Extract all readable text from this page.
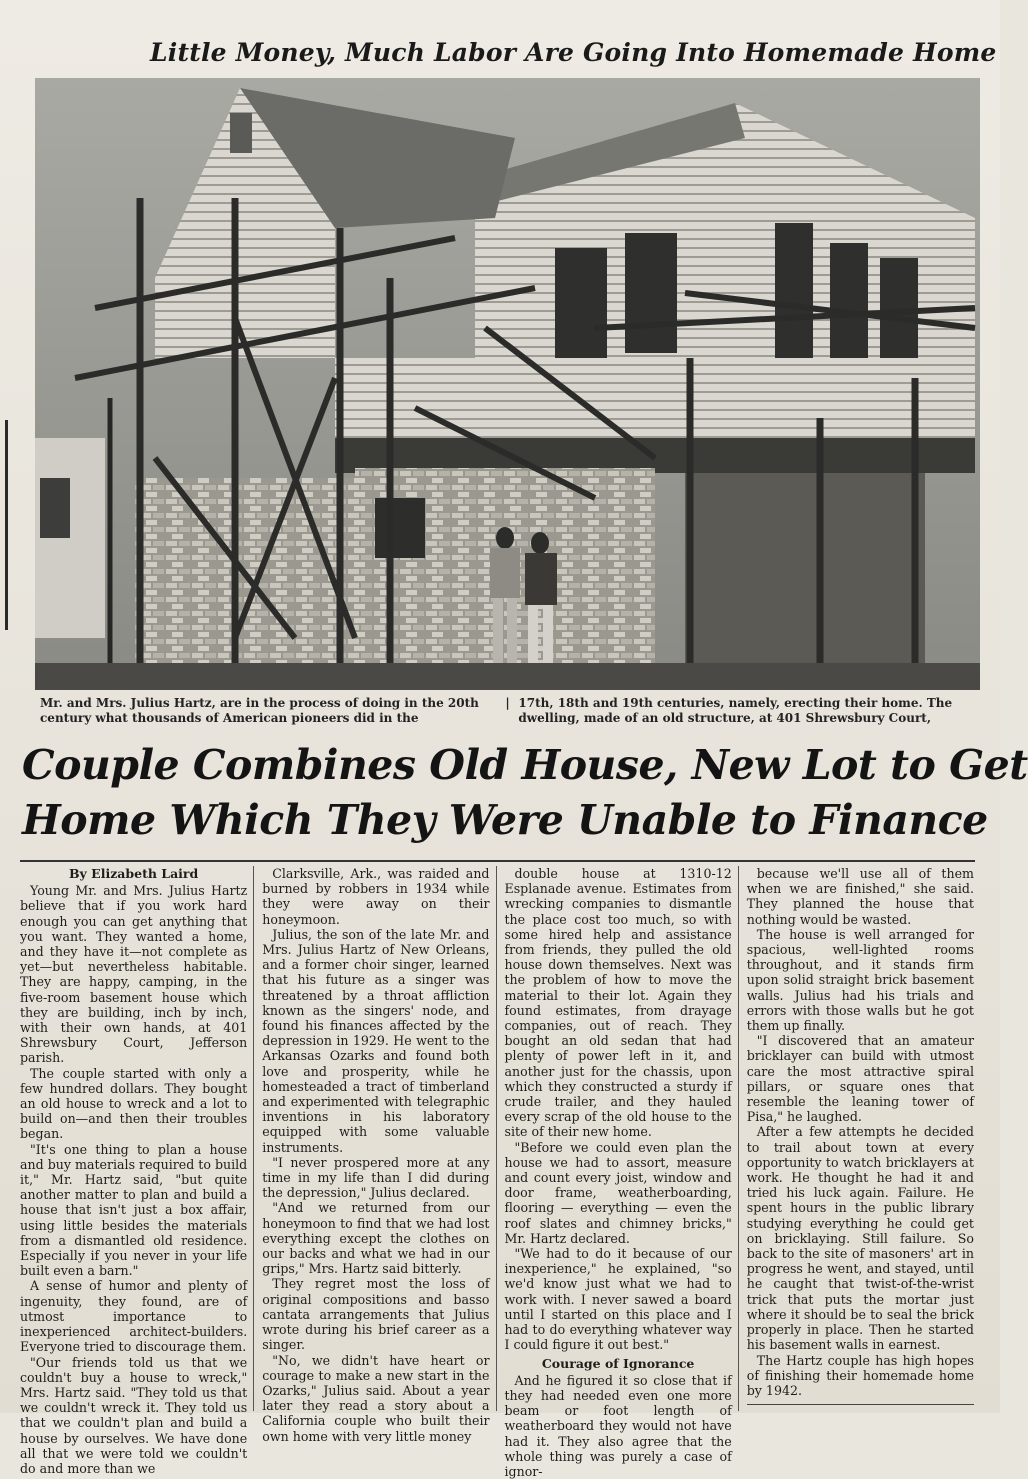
Little Money, Much Labor Are Going Into Homemade Home
Mr. and Mrs. Julius Hartz, are in the process of doing in the 20th century what thousands of American pioneers did in the
| 17th, 18th and 19th centuries, namely, erecting their home. The dwelling, made of an old structure, at 401 Shrewsbury Court,
Couple Combines Old House, New Lot to Get
Home Which They Were Unable to Finance
By Elizabeth Laird

Young Mr. and Mrs. Julius Hartz believe that if you work hard enough you can get anything that you want. They wanted a home, and they have it—not complete as yet—but nevertheless habitable. They are happy, camping, in the five-room basement house which they are building, inch by inch, with their own hands, at 401 Shrewsbury Court, Jefferson parish.

The couple started with only a few hundred dollars. They bought an old house to wreck and a lot to build on—and then their troubles began.

"It's one thing to plan a house and buy materials required to build it," Mr. Hartz said, "but quite another matter to plan and build a house that isn't just a box affair, using little besides the materials from a dismantled old residence. Especially if you never in your life built even a barn."

A sense of humor and plenty of ingenuity, they found, are of utmost importance to inexperienced architect-builders. Everyone tried to discourage them.

"Our friends told us that we couldn't buy a house to wreck," Mrs. Hartz said. "They told us that we couldn't wreck it. They told us that we couldn't plan and build a house by ourselves. We have done all that we were told we couldn't do and more than we

Clarksville, Ark., was raided and burned by robbers in 1934 while they were away on their honeymoon.

Julius, the son of the late Mr. and Mrs. Julius Hartz of New Orleans, and a former choir singer, learned that his future as a singer was threatened by a throat affliction known as the singers' node, and found his finances affected by the depression in 1929. He went to the Arkansas Ozarks and found both love and prosperity, while he homesteaded a tract of timberland and experimented with telegraphic inventions in his laboratory equipped with some valuable instruments.

"I never prospered more at any time in my life than I did during the depression," Julius declared.

"And we returned from our honeymoon to find that we had lost everything except the clothes on our backs and what we had in our grips," Mrs. Hartz said bitterly.

They regret most the loss of original compositions and basso cantata arrangements that Julius wrote during his brief career as a singer.

"No, we didn't have heart or courage to make a new start in the Ozarks," Julius said. About a year later they read a story about a California couple who built their own home with very little money

double house at 1310-12 Esplanade avenue. Estimates from wrecking companies to dismantle the place cost too much, so with some hired help and assistance from friends, they pulled the old house down themselves. Next was the problem of how to move the material to their lot. Again they found estimates, from drayage companies, out of reach. They bought an old sedan that had plenty of power left in it, and another just for the chassis, upon which they constructed a sturdy if crude trailer, and they hauled every scrap of the old house to the site of their new home.

"Before we could even plan the house we had to assort, measure and count every joist, window and door frame, weatherboarding, flooring — everything — even the roof slates and chimney bricks," Mr. Hartz declared.

"We had to do it because of our inexperience," he explained, "so we'd know just what we had to work with. I never sawed a board until I started on this place and I had to do everything whatever way I could figure it out best."

Courage of Ignorance

And he figured it so close that if they had needed even one more beam or foot length of weatherboard they would not have had it. They also agree that the whole thing was purely a case of ignor-

because we'll use all of them when we are finished," she said. They planned the house that nothing would be wasted.

The house is well arranged for spacious, well-lighted rooms throughout, and it stands firm upon solid straight brick basement walls. Julius had his trials and errors with those walls but he got them up finally.

"I discovered that an amateur bricklayer can build with utmost care the most attractive spiral pillars, or square ones that resemble the leaning tower of Pisa," he laughed.

After a few attempts he decided to trail about town at every opportunity to watch bricklayers at work. He thought he had it and tried his luck again. Failure. He spent hours in the public library studying everything he could get on bricklaying. Still failure. So back to the site of masoners' art in progress he went, and stayed, until he caught that twist-of-the-wrist trick that puts the mortar just where it should be to seal the brick properly in place. Then he started his basement walls in earnest.

The Hartz couple has high hopes of finishing their homemade home by 1942.
